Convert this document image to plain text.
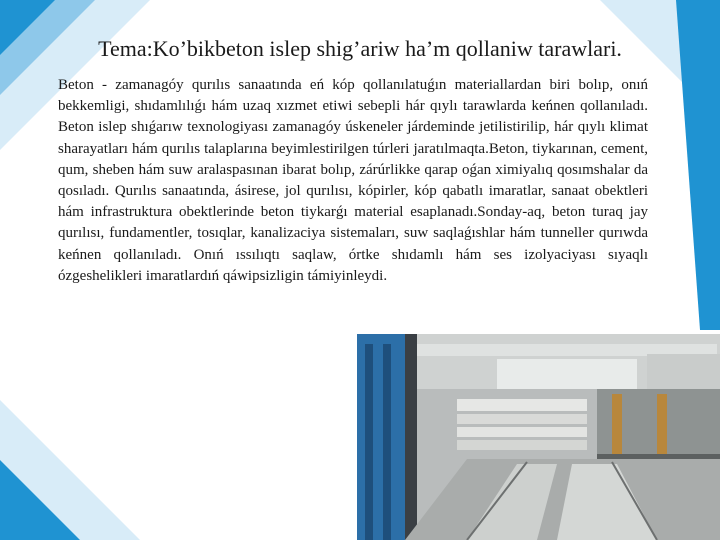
Tema:Ko’bikbeton islep shig’ariw ha’m qollaniw tarawlari.
Beton - zamanagóy qurılıs sanaatında eń kóp qollanılatuǵın materiallardan biri bolıp, onıń bekkemligi, shıdamlılıǵı hám uzaq xızmet etiwi sebepli hár qıylı tarawlarda keńnen qollanıladı. Beton islep shıǵarıw texnologiyası zamanagóy úskeneler járdeminde jetilistirilip, hár qıylı klimat sharayatları hám qurılıs talaplarına beyimlestirilgen túrleri jaratılmaqta.Beton, tiykarınan, cement, qum, sheben hám suw aralaspasınan ibarat bolıp, zárúrlikke qarap oǵan ximiyalıq qosımshalar da qosıladı. Qurılıs sanaatında, ásirese, jol qurılısı, kópirler, kóp qabatlı imaratlar, sanaat obektleri hám infrastruktura obektlerinde beton tiykarǵı material esaplanadı.Sonday-aq, beton turaq jay qurılısı, fundamentler, tosıqlar, kanalizaciya sistemaları, suw saqlaǵıshlar hám tunneller qurıwda keńnen qollanıladı. Onıń ıssılıqtı saqlaw, órtke shıdamlı hám ses izolyaciyası sıyaqlı ózgeshelikleri imaratlardıń qáwipsizligin támiyinleydi.
